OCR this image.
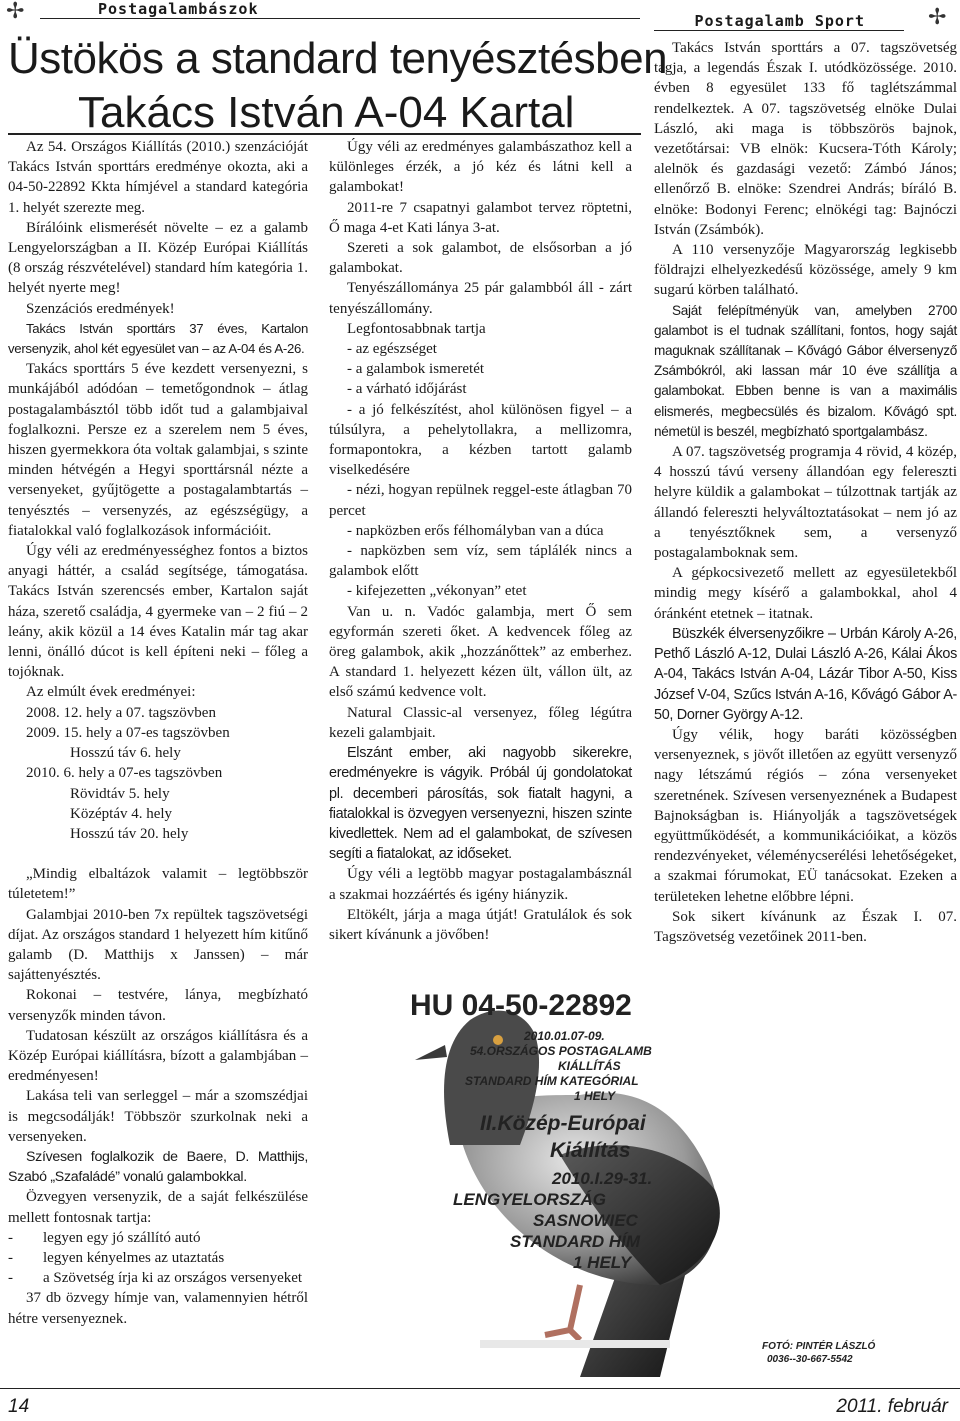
✢	Postagalambászok
Postagalamb Sport	✢
Üstökös a standard tenyésztésben
Takács István A-04 Kartal

Az 54. Országos Kiállítás (2010.) szenzációját Takács István sporttárs eredménye okozta, aki a 04-50-22892 Kkta hímjével a standard kategória 1. helyét szerezte meg.

Bírálóink elismerését növelte – ez a galamb Lengyelországban a II. Közép Európai Kiállítás (8 ország részvételével) standard hím kategória 1. helyét nyerte meg!

Szenzációs eredmények!

Takács István sporttárs 37 éves, Kartalon versenyzik, ahol két egyesület van – az A-04 és A-26.

Takács sporttárs 5 éve kezdett versenyezni, s munkájából adódóan – temetőgondnok – átlag postagalambásztól több időt tud a galambjaival foglalkozni. Persze ez a szerelem nem 5 éves, hiszen gyermekkora óta voltak galambjai, s szinte minden hétvégén a Hegyi sporttársnál nézte a versenyeket, gyűjtögette a postagalambtartás – tenyésztés – versenyzés, az egészségügy, a fiatalokkal való foglalkozások információit.

Úgy véli az eredményességhez fontos a biztos anyagi háttér, a család segítsége, támogatása. Takács István szerencsés ember, Kartalon saját háza, szerető családja, 4 gyermeke van – 2 fiú – 2 leány, akik közül a 14 éves Katalin már tag akar lenni, önálló dúcot is kell építeni neki – főleg a tojóknak.

Az elmúlt évek eredményei:

2008. 12. hely a 07. tagszövben

2009. 15. hely a 07-es tagszövben

Hosszú táv 6. hely

2010. 6. hely a 07-es tagszövben

Rövidtáv 5. hely

Középtáv 4. hely

Hosszú táv 20. hely

„Mindig elbaltázok valamit – legtöbbször túletetem!”

Galambjai 2010-ben 7x repültek tagszövetségi díjat. Az országos standard 1 helyezett hím kitűnő galamb (D. Matthijs x Janssen) – már sajáttenyésztés.

Rokonai – testvére, lánya, megbízható versenyzők minden távon.

Tudatosan készült az országos kiállításra és a Közép Európai kiállításra, bízott a galambjában – eredményesen!

Lakása teli van serleggel – már a szomszédjai is megcsodálják! Többször szurkolnak neki a versenyeken.

Szívesen foglalkozik de Baere, D. Matthijs, Szabó „Szafaládé” vonalú galambokkal.

Özvegyen versenyzik, de a saját felkészülése mellett fontosnak tartja:

-        legyen egy jó szállító autó

-        legyen kényelmes az utaztatás

-        a Szövetség írja ki az országos versenyeket

37 db özvegy hímje van, valamennyien hétről hétre versenyeznek.

Úgy véli az eredményes galambászathoz kell a különleges érzék, a jó kéz és látni kell a galambokat!

2011-re 7 csapatnyi galambot tervez röptetni, Ő maga 4-et Kati lánya 3-at.

Szereti a sok galambot, de elsősorban a jó galambokat.

Tenyészállománya 25 pár galambból áll - zárt tenyészállomány.

Legfontosabbnak tartja

- az egészséget

- a galambok ismeretét

- a várható időjárást

- a jó felkészítést, ahol különösen figyel – a túlsúlyra, a pehelytollakra, a mellizomra, formapontokra, a kézben tartott galamb viselkedésére

- nézi, hogyan repülnek reggel-este átlagban 70 percet

- napközben erős félhomályban van a dúca

- napközben sem víz, sem táplálék nincs a galambok előtt

- kifejezetten „vékonyan” etet

Van u. n. Vadóc galambja, mert Ő sem egyformán szereti őket. A kedvencek főleg az öreg galambok, akik „hozzánőttek” az emberhez. A standard 1. helyezett kézen ült, vállon ült, az első számú kedvence volt.

Natural Classic-al versenyez, főleg légútra kezeli galambjait.

Elszánt ember, aki nagyobb sikerekre, eredményekre is vágyik. Próbál új gondolatokat pl. decemberi párosítás, sok fiatalt hagyni, a fiatalokkal is özvegyen versenyezni, hiszen szinte kivedlettek. Nem ad el galambokat, de szívesen segíti a fiatalokat, az időseket.

Úgy véli a legtöbb magyar postagalambásznál a szakmai hozzáértés és igény hiányzik.

Eltökélt, járja a maga útját! Gratulálok és sok sikert kívánunk a jövőben!

Takács István sporttárs a 07. tagszövetség tagja, a legendás Észak I. utódközössége. 2010. évben 8 egyesület 133 fő taglétszámmal rendelkeztek. A 07. tagszövetség elnöke Dulai László, aki maga is többszörös bajnok, vezetőtársai: VB elnök: Kucsera-Tóth Károly; alelnök és gazdasági vezető: Zámbó János; ellenőrző B. elnöke: Szendrei András; bíráló B. elnöke: Bodonyi Ferenc; elnökégi tag: Bajnóczi István (Zsámbók).

A 110 versenyzője Magyarország legkisebb földrajzi elhelyezkedésű közössége, amely 9 km sugarú körben található.

Saját felépítményük van, amelyben 2700 galambot is el tudnak szállítani, fontos, hogy saját maguknak szállítanak – Kővágó Gábor élversenyző Zsámbókról, aki lassan már 10 éve szállítja a galambokat. Ebben benne is van a maximális elismerés, megbecsülés és bizalom. Kővágó spt. németül is beszél, megbízható sportgalambász.

A 07. tagszövetség programja 4 rövid, 4 közép, 4 hosszú távú verseny állandóan egy felereszti helyre küldik a galambokat – túlzottnak tartják az állandó felereszti helyváltoztatásokat – nem jó az a tenyésztőknek sem, a versenyző postagalamboknak sem.

A gépkocsivezető mellett az egyesületekből mindig megy kísérő a galambokkal, ahol 4 óránként etetnek – itatnak.

Büszkék élversenyzőikre – Urbán Károly A-26, Pethő László A-12, Dulai László A-26, Kálai Ákos A-04, Takács István A-04, Lázár Tibor A-50, Kiss József V-04, Szűcs István A-16, Kővágó Gábor A-50, Dorner György A-12.

Úgy vélik, hogy baráti közösségben versenyeznek, s jövőt illetően az együtt versenyző nagy létszámú régiós – zóna versenyeket szeretnének. Szívesen versenyeznének a Budapest Bajnokságban is. Hiányolják a tagszövetségek együttműködését, a kommunikációikat, a közös rendezvényeket, véleménycserélési lehetőségeket, a szakmai fórumokat, EÜ tanácsokat. Ezeken a területeken lehetne előbbre lépni.

Sok sikert kívánunk az Észak I. 07. Tagszövetség vezetőinek 2011-ben.

HU 04-50-22892
2010.01.07-09.
54.ORSZÁGOS POSTAGALAMB
KIÁLLÍTÁS
STANDARD HÍM KATEGÓRIAL
1 HELY
II.Közép-Európai
Kiállítás
2010.I.29-31.
LENGYELORSZÁG
SASNOWIEC
STANDARD HÍM
1 HELY
FOTÓ: PINTÉR LÁSZLÓ
0036--30-667-5542
14	2011. február
